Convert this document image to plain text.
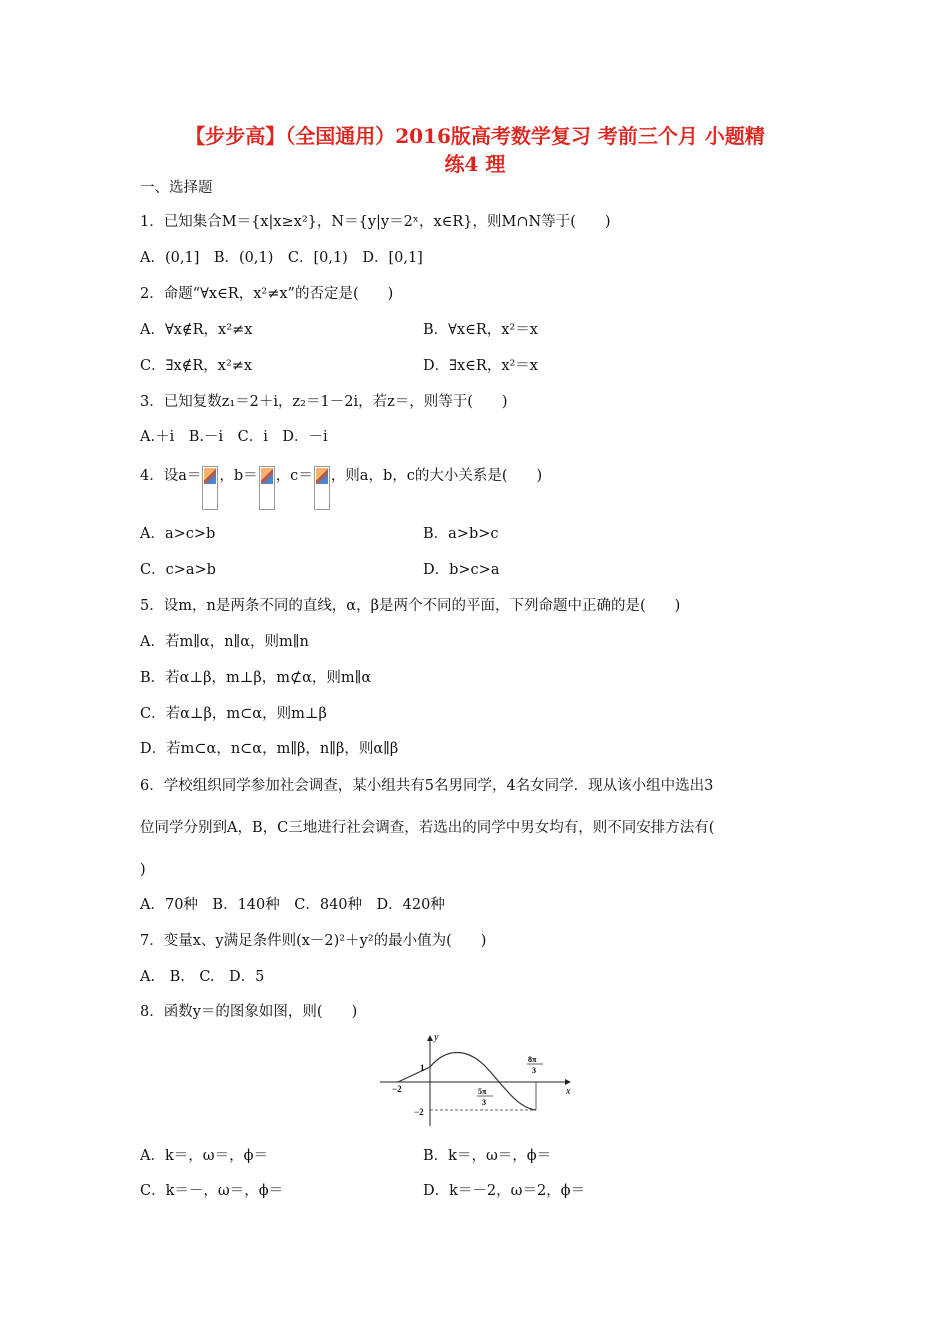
【步步高】（全国通用）2016版高考数学复习 考前三个月 小题精
练4 理
一、选择题
1．已知集合M＝{x|x≥x²}，N＝{y|y＝2ˣ，x∈R}，则M∩N等于(　　)
A．(0,1]　B．(0,1)　C．[0,1)　D．[0,1]
2．命题“∀x∈R，x²≠x”的否定是(　　)
A．∀x∉R，x²≠x	B．∀x∈R，x²＝x
C．∃x∉R，x²≠x	D．∃x∈R，x²＝x
3．已知复数z₁＝2＋i，z₂＝1－2i，若z＝，则等于(　　)
A.＋i　B.－i　C．i　D．－i
4．设a＝ ，b＝ ，c＝ ，则a，b，c的大小关系是(　　)
A．a>c>b	B．a>b>c
C．c>a>b	D．b>c>a
5．设m，n是两条不同的直线，α，β是两个不同的平面，下列命题中正确的是(　　)
A．若m∥α，n∥α，则m∥n
B．若α⊥β，m⊥β，m⊄α，则m∥α
C．若α⊥β，m⊂α，则m⊥β
D．若m⊂α，n⊂α，m∥β，n∥β，则α∥β
6．学校组织同学参加社会调查，某小组共有5名男同学，4名女同学．现从该小组中选出3
位同学分别到A，B，C三地进行社会调查，若选出的同学中男女均有，则不同安排方法有(
)
A．70种　B．140种　C．840种　D．420种
7．变量x、y满足条件则(x－2)²＋y²的最小值为(　　)
A.　B.　C.　D．5
8．函数y＝的图象如图，则(　　)
y
x
1
−2
−2
5π
3
8π
3
A．k＝，ω＝，ϕ＝	B．k＝，ω＝，ϕ＝
C．k＝－，ω＝，ϕ＝	D．k＝－2，ω＝2，ϕ＝
